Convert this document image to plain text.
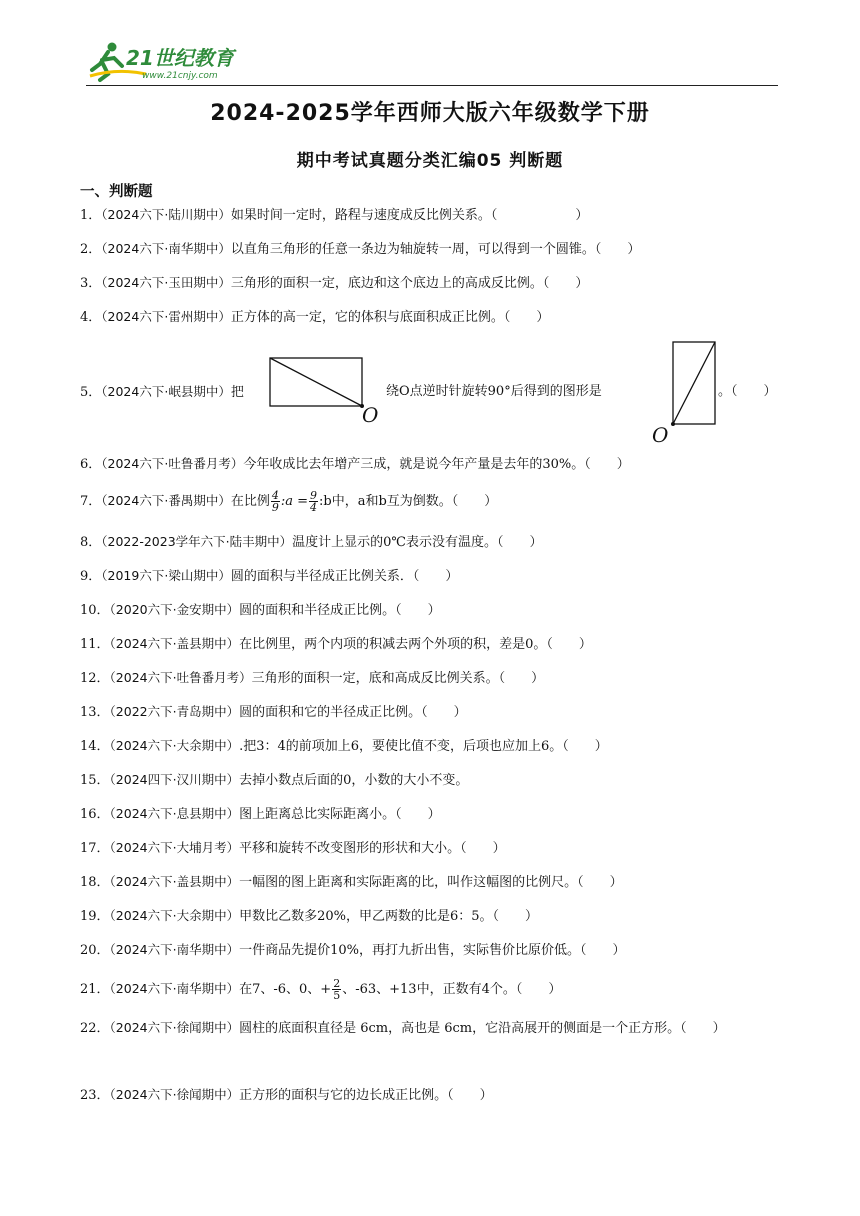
21世纪教育
www.21cnjy.com
2024-2025学年西师大版六年级数学下册
期中考试真题分类汇编05 判断题
一、判断题
1．（2024六下·陆川期中）如果时间一定时，路程与速度成反比例关系。（　　　　　　）
2．（2024六下·南华期中）以直角三角形的任意一条边为轴旋转一周，可以得到一个圆锥。（　　）
3．（2024六下·玉田期中）三角形的面积一定，底边和这个底边上的高成反比例。（　　）
4．（2024六下·雷州期中）正方体的高一定，它的体积与底面积成正比例。（　　）
5．（2024六下·岷县期中）把
O
绕O点逆时针旋转90°后得到的图形是
O
。（　　）
6．（2024六下·吐鲁番月考）今年收成比去年增产三成，就是说今年产量是去年的30%。（　　）
7．（2024六下·番禺期中）在比例 $\frac{4}{9}$ :a = $\frac{9}{4}$ :b中，a和b互为倒数。（　　）
8．（2022-2023学年六下·陆丰期中）温度计上显示的0℃表示没有温度。（　　）
9．（2019六下·梁山期中）圆的面积与半径成正比例关系．（　　）
10．（2020六下·金安期中）圆的面积和半径成正比例。（　　）
11．（2024六下·盖县期中）在比例里，两个内项的积减去两个外项的积，差是0。（　　）
12．（2024六下·吐鲁番月考）三角形的面积一定，底和高成反比例关系。（　　）
13．（2022六下·青岛期中）圆的面积和它的半径成正比例。（　　）
14．（2024六下·大余期中）.把3：4的前项加上6，要使比值不变，后项也应加上6。（　　）
15．（2024四下·汉川期中）去掉小数点后面的0，小数的大小不变。
16．（2024六下·息县期中）图上距离总比实际距离小。（　　）
17．（2024六下·大埔月考）平移和旋转不改变图形的形状和大小。（　　）
18．（2024六下·盖县期中）一幅图的图上距离和实际距离的比，叫作这幅图的比例尺。（　　）
19．（2024六下·大余期中）甲数比乙数多20%，甲乙两数的比是6：5。（　　）
20．（2024六下·南华期中）一件商品先提价10%，再打九折出售，实际售价比原价低。（　　）
21．（2024六下·南华期中）在7、-6、0、+ $\frac{2}{5}$ 、-63、+13中，正数有4个。（　　）
22．（2024六下·徐闻期中）圆柱的底面积直径是 6cm，高也是 6cm，它沿高展开的侧面是一个正方形。（　　）
23．（2024六下·徐闻期中）正方形的面积与它的边长成正比例。（　　）
